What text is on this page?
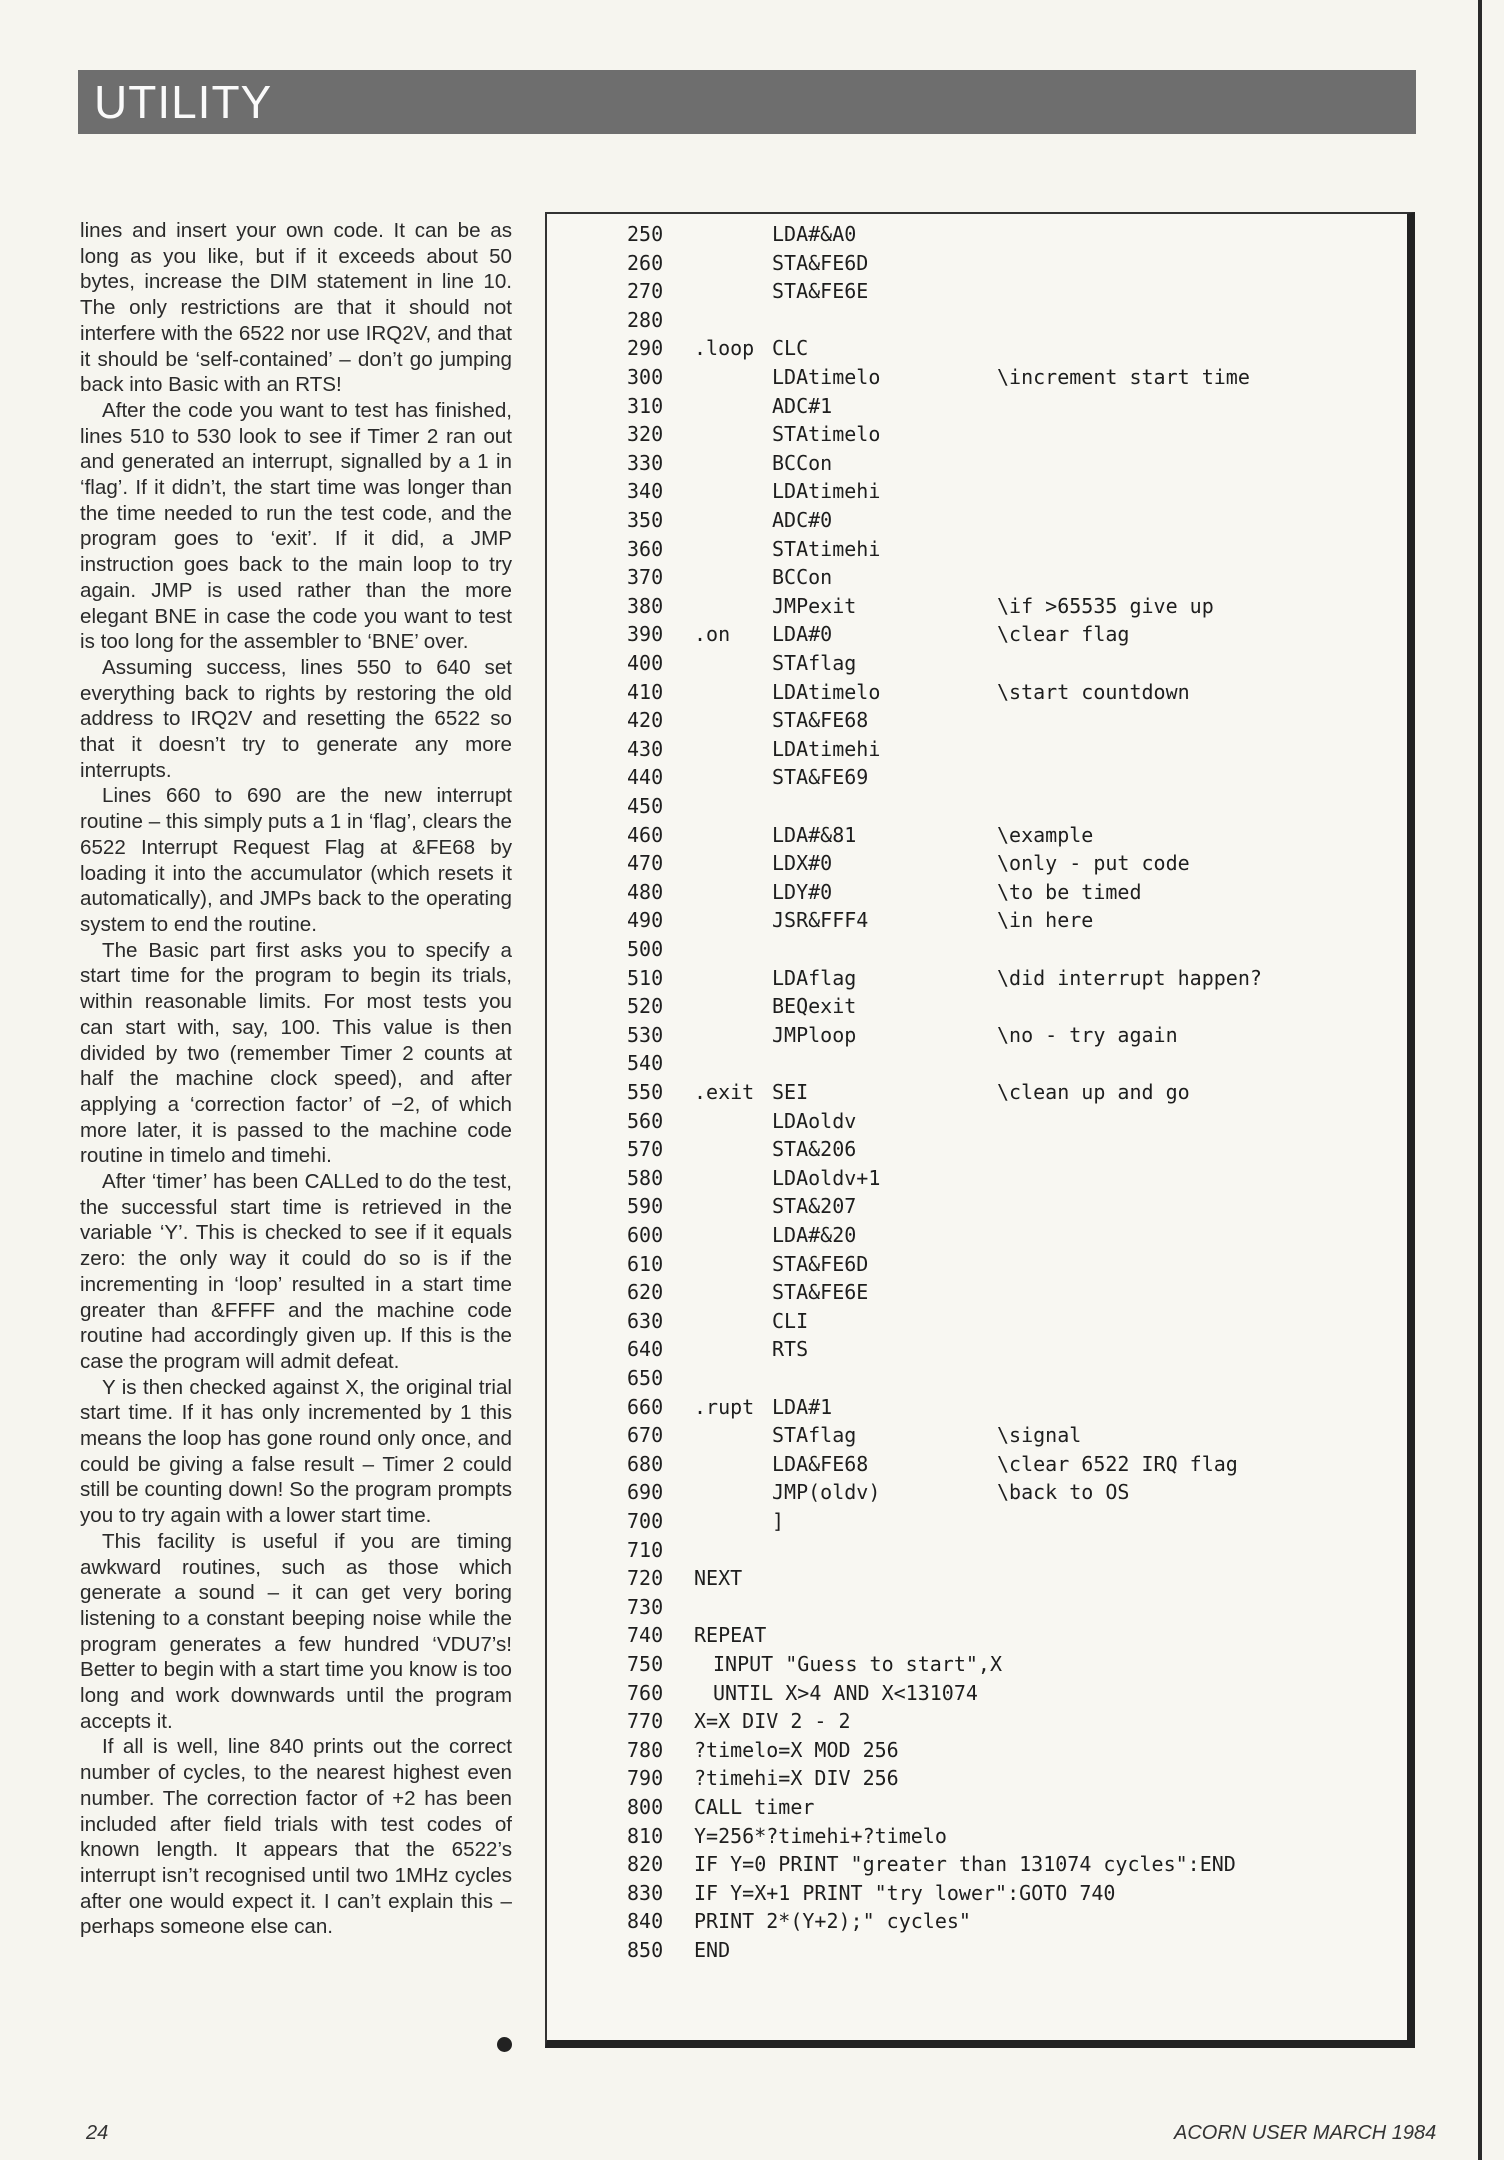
UTILITY

lines and insert your own code. It can be as long as you like, but if it exceeds about 50 bytes, increase the DIM statement in line 10. The only restrictions are that it should not interfere with the 6522 nor use IRQ2V, and that it should be ‘self-contained’ – don’t go jumping back into Basic with an RTS!

After the code you want to test has finished, lines 510 to 530 look to see if Timer 2 ran out and generated an interrupt, signalled by a 1 in ‘flag’. If it didn’t, the start time was longer than the time needed to run the test code, and the program goes to ‘exit’. If it did, a JMP instruction goes back to the main loop to try again. JMP is used rather than the more elegant BNE in case the code you want to test is too long for the assembler to ‘BNE’ over.

Assuming success, lines 550 to 640 set everything back to rights by restoring the old address to IRQ2V and resetting the 6522 so that it doesn’t try to generate any more interrupts.

Lines 660 to 690 are the new interrupt routine – this simply puts a 1 in ‘flag’, clears the 6522 Interrupt Request Flag at &FE68 by loading it into the accumulator (which resets it automatically), and JMPs back to the operating system to end the routine.

The Basic part first asks you to specify a start time for the program to begin its trials, within reasonable limits. For most tests you can start with, say, 100. This value is then divided by two (remember Timer 2 counts at half the machine clock speed), and after applying a ‘correction factor’ of −2, of which more later, it is passed to the machine code routine in timelo and timehi.

After ‘timer’ has been CALLed to do the test, the successful start time is retrieved in the variable ‘Y’. This is checked to see if it equals zero: the only way it could do so is if the incrementing in ‘loop’ resulted in a start time greater than &FFFF and the machine code routine had accordingly given up. If this is the case the program will admit defeat.

Y is then checked against X, the original trial start time. If it has only incremented by 1 this means the loop has gone round only once, and could be giving a false result – Timer 2 could still be counting down! So the program prompts you to try again with a lower start time.

This facility is useful if you are timing awkward routines, such as those which generate a sound – it can get very boring listening to a constant beeping noise while the program generates a few hundred ‘VDU7’s! Better to begin with a start time you know is too long and work downwards until the program accepts it.

If all is well, line 840 prints out the correct number of cycles, to the nearest highest even number. The correction factor of +2 has been included after field trials with test codes of known length. It appears that the 6522’s interrupt isn’t recognised until two 1MHz cycles after one would expect it. I can’t explain this – perhaps someone else can.

250	LDA#&A0
260	STA&FE6D
270	STA&FE6E
280
290 .loop CLC
300	LDAtimelo	\increment start time
310	ADC#1
320	STAtimelo
330	BCCon
340	LDAtimehi
350	ADC#0
360	STAtimehi
370	BCCon
380	JMPexit	\if >65535 give up
390 .on LDA#0	\clear flag
400	STAflag
410	LDAtimelo	\start countdown
420	STA&FE68
430	LDAtimehi
440	STA&FE69
450
460	LDA#&81	\example
470	LDX#0	\only - put code
480	LDY#0	\to be timed
490	JSR&FFF4	\in here
500
510	LDAflag	\did interrupt happen?
520	BEQexit
530	JMPloop	\no - try again
540
550 .exit SEI	\clean up and go
560	LDAoldv
570	STA&206
580	LDAoldv+1
590	STA&207
600	LDA#&20
610	STA&FE6D
620	STA&FE6E
630	CLI
640	RTS
650
660 .rupt LDA#1
670	STAflag	\signal
680	LDA&FE68	\clear 6522 IRQ flag
690	JMP(oldv)	\back to OS
700	]
710
720 NEXT
730
740 REPEAT
750 INPUT "Guess to start",X
760 UNTIL X>4 AND X<131074
770 X=X DIV 2 - 2
780 ?timelo=X MOD 256
790 ?timehi=X DIV 256
800 CALL timer
810 Y=256*?timehi+?timelo
820 IF Y=0 PRINT "greater than 131074 cycles":END
830 IF Y=X+1 PRINT "try lower":GOTO 740
840 PRINT 2*(Y+2);" cycles"
850 END
24	ACORN USER MARCH 1984
